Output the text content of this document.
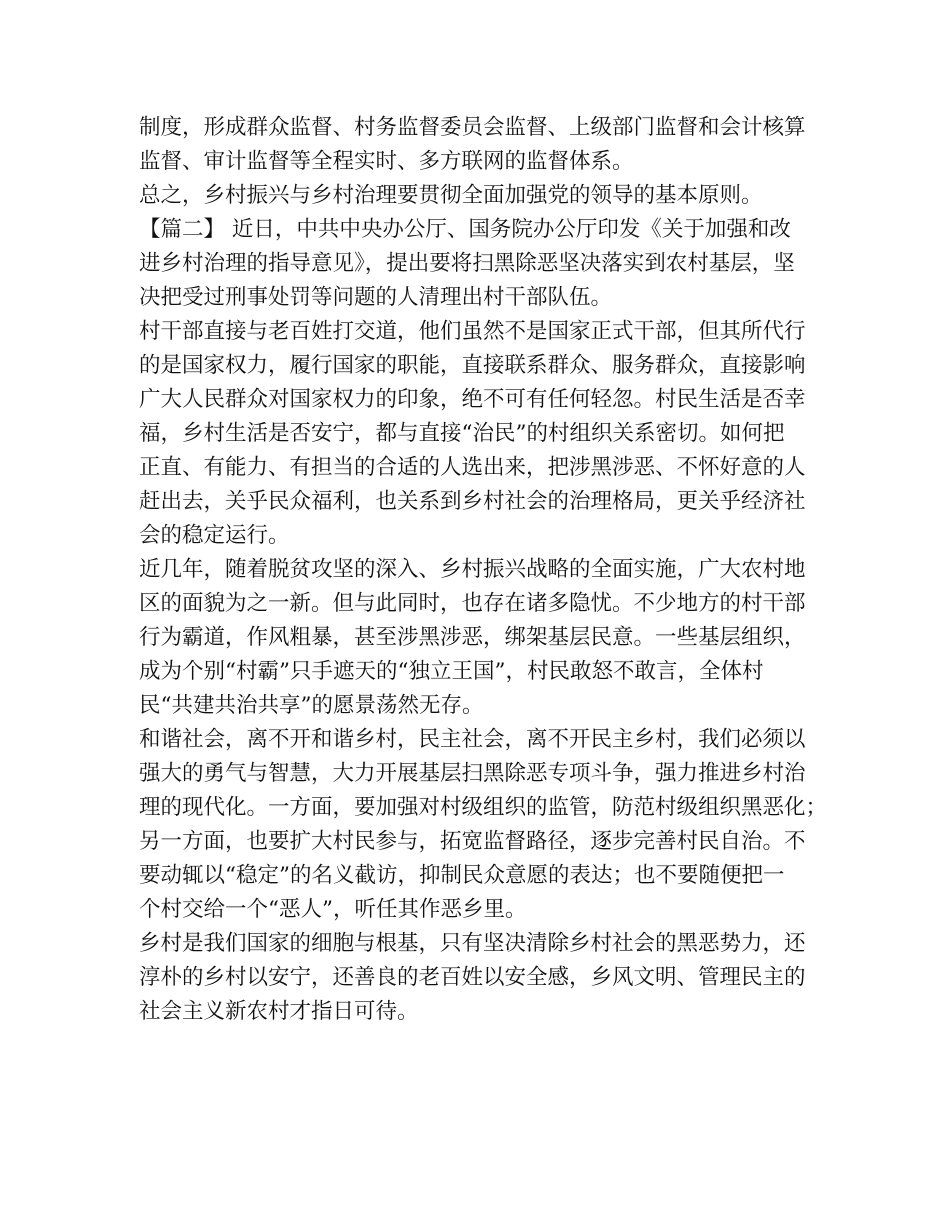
制度，形成群众监督、村务监督委员会监督、上级部门监督和会计核算
监督、审计监督等全程实时、多方联网的监督体系。
总之，乡村振兴与乡村治理要贯彻全面加强党的领导的基本原则。
【篇二】 近日，中共中央办公厅、国务院办公厅印发《关于加强和改
进乡村治理的指导意见》，提出要将扫黑除恶坚决落实到农村基层，坚
决把受过刑事处罚等问题的人清理出村干部队伍。
村干部直接与老百姓打交道，他们虽然不是国家正式干部，但其所代行
的是国家权力，履行国家的职能，直接联系群众、服务群众，直接影响
广大人民群众对国家权力的印象，绝不可有任何轻忽。村民生活是否幸
福，乡村生活是否安宁，都与直接“治民”的村组织关系密切。如何把
正直、有能力、有担当的合适的人选出来，把涉黑涉恶、不怀好意的人
赶出去，关乎民众福利，也关系到乡村社会的治理格局，更关乎经济社
会的稳定运行。
近几年，随着脱贫攻坚的深入、乡村振兴战略的全面实施，广大农村地
区的面貌为之一新。但与此同时，也存在诸多隐忧。不少地方的村干部
行为霸道，作风粗暴，甚至涉黑涉恶，绑架基层民意。一些基层组织，
成为个别“村霸”只手遮天的“独立王国”，村民敢怒不敢言，全体村
民“共建共治共享”的愿景荡然无存。
和谐社会，离不开和谐乡村，民主社会，离不开民主乡村，我们必须以
强大的勇气与智慧，大力开展基层扫黑除恶专项斗争，强力推进乡村治
理的现代化。一方面，要加强对村级组织的监管，防范村级组织黑恶化；
另一方面，也要扩大村民参与，拓宽监督路径，逐步完善村民自治。不
要动辄以“稳定”的名义截访，抑制民众意愿的表达；也不要随便把一
个村交给一个“恶人”，听任其作恶乡里。
乡村是我们国家的细胞与根基，只有坚决清除乡村社会的黑恶势力，还
淳朴的乡村以安宁，还善良的老百姓以安全感，乡风文明、管理民主的
社会主义新农村才指日可待。
